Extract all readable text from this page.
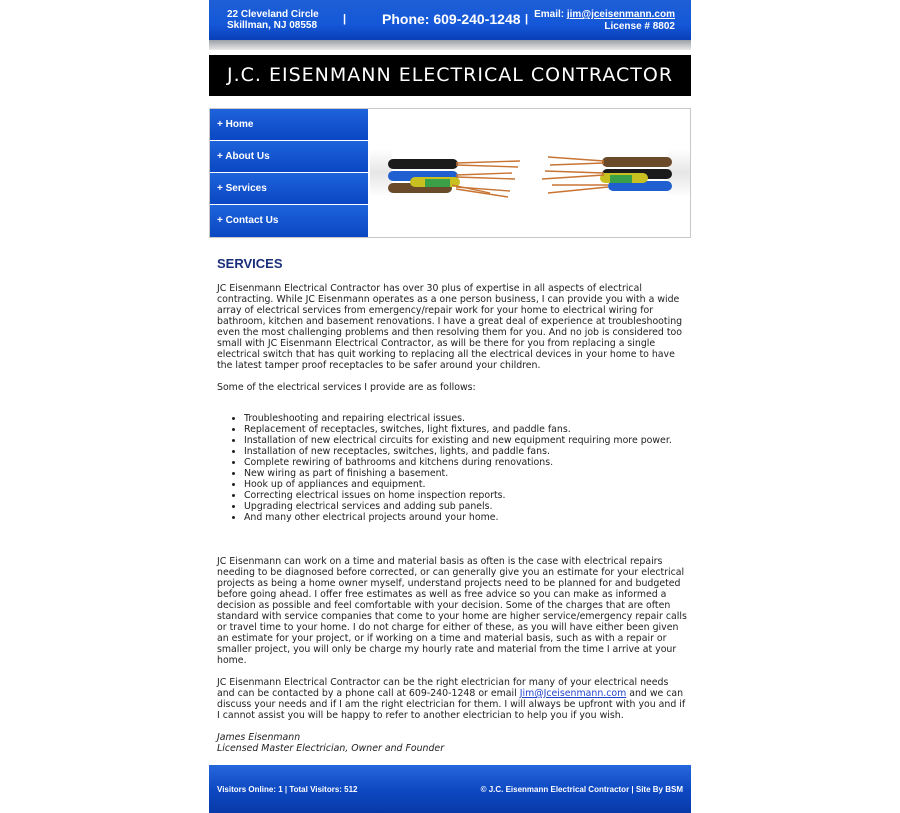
22 Cleveland Circle
Skillman, NJ 08558
|	Phone: 609-240-1248 | Email: jim@jceisenmann.com
License # 8802
J.C. EISENMANN ELECTRICAL CONTRACTOR
+ Home
+ About Us
+ Services
+ Contact Us
SERVICES

JC Eisenmann Electrical Contractor has over 30 plus of expertise in all aspects of electrical contracting. While JC Eisenmann operates as a one person business, I can provide you with a wide array of electrical services from emergency/repair work for your home to electrical wiring for bathroom, kitchen and basement renovations. I have a great deal of experience at troubleshooting even the most challenging problems and then resolving them for you. And no job is considered too small with JC Eisenmann Electrical Contractor, as will be there for you from replacing a single electrical switch that has quit working to replacing all the electrical devices in your home to have the latest tamper proof receptacles to be safer around your children.

Some of the electrical services I provide are as follows:

• Troubleshooting and repairing electrical issues.
• Replacement of receptacles, switches, light fixtures, and paddle fans.
• Installation of new electrical circuits for existing and new equipment requiring more power.
• Installation of new receptacles, switches, lights, and paddle fans.
• Complete rewiring of bathrooms and kitchens during renovations.
• New wiring as part of finishing a basement.
• Hook up of appliances and equipment.
• Correcting electrical issues on home inspection reports.
• Upgrading electrical services and adding sub panels.
• And many other electrical projects around your home.

JC Eisenmann can work on a time and material basis as often is the case with electrical repairs needing to be diagnosed before corrected, or can generally give you an estimate for your electrical projects as being a home owner myself, understand projects need to be planned for and budgeted before going ahead. I offer free estimates as well as free advice so you can make as informed a decision as possible and feel comfortable with your decision. Some of the charges that are often standard with service companies that come to your home are higher service/emergency repair calls or travel time to your home. I do not charge for either of these, as you will have either been given an estimate for your project, or if working on a time and material basis, such as with a repair or smaller project, you will only be charge my hourly rate and material from the time I arrive at your home.

JC Eisenmann Electrical Contractor can be the right electrician for many of your electrical needs and can be contacted by a phone call at 609-240-1248 or email Jim@Jceisenmann.com and we can discuss your needs and if I am the right electrician for them. I will always be upfront with you and if I cannot assist you will be happy to refer to another electrician to help you if you wish.

James Eisenmann
Licensed Master Electrician, Owner and Founder
Visitors Online: 1 | Total Visitors: 512	© J.C. Eisenmann Electrical Contractor | Site By BSM
